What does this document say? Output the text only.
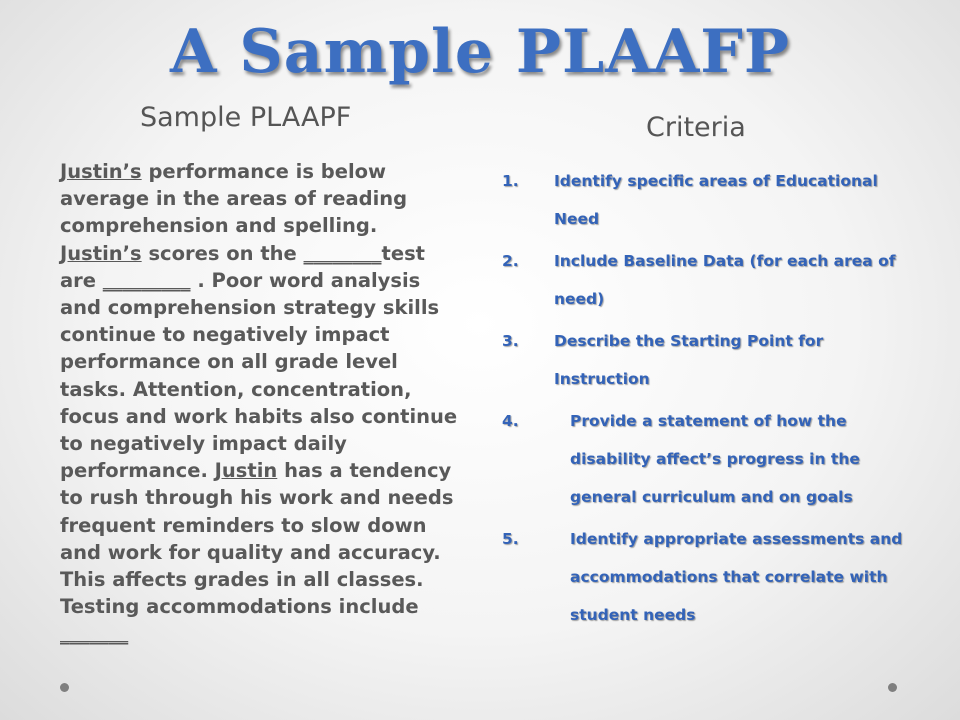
A Sample PLAAFP
Sample PLAAPF	Criteria
Justin’s performance is below average in the areas of reading comprehension and spelling. Justin’s scores on the ________test are _________ . Poor word analysis and comprehension strategy skills continue to negatively impact performance on all grade level tasks. Attention, concentration, focus and work habits also continue to negatively impact daily performance. Justin has a tendency to rush through his work and needs frequent reminders to slow down and work for quality and accuracy. This affects grades in all classes. Testing accommodations include _______
1.	Identify specific areas of Educational Need
2.	Include Baseline Data (for each area of need)
3.	Describe the Starting Point for Instruction
4.	Provide a statement of how the disability affect’s progress in the general curriculum and on goals
5.	Identify appropriate assessments and accommodations that correlate with student needs
